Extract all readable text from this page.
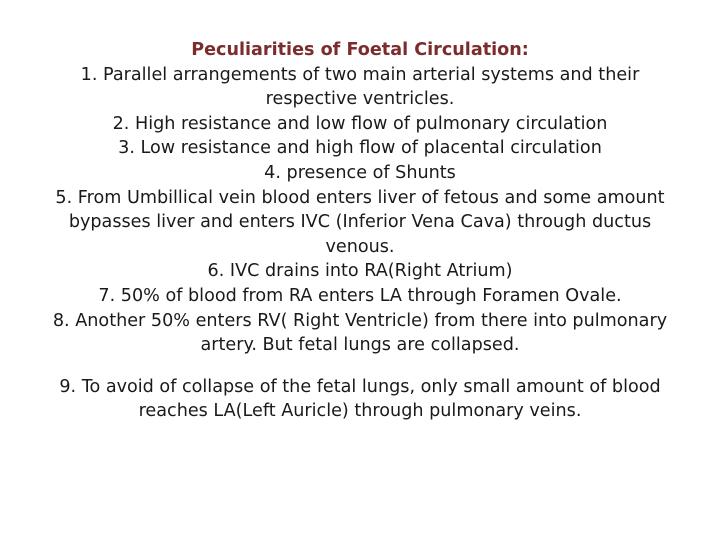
Peculiarities of Foetal Circulation:
1. Parallel arrangements of two main arterial systems and their
respective ventricles.
2. High resistance and low flow of pulmonary circulation
3. Low resistance and high flow of placental circulation
4. presence of Shunts
5. From Umbillical vein blood enters liver of fetous and some amount
bypasses liver and enters IVC (Inferior Vena Cava) through ductus
venous.
6. IVC drains into RA(Right Atrium)
7. 50% of blood from RA enters LA through Foramen Ovale.
8. Another 50% enters RV( Right Ventricle) from there into pulmonary
artery. But fetal lungs are collapsed.
9. To avoid of collapse of the fetal lungs, only small amount of blood
reaches LA(Left Auricle) through pulmonary veins.
